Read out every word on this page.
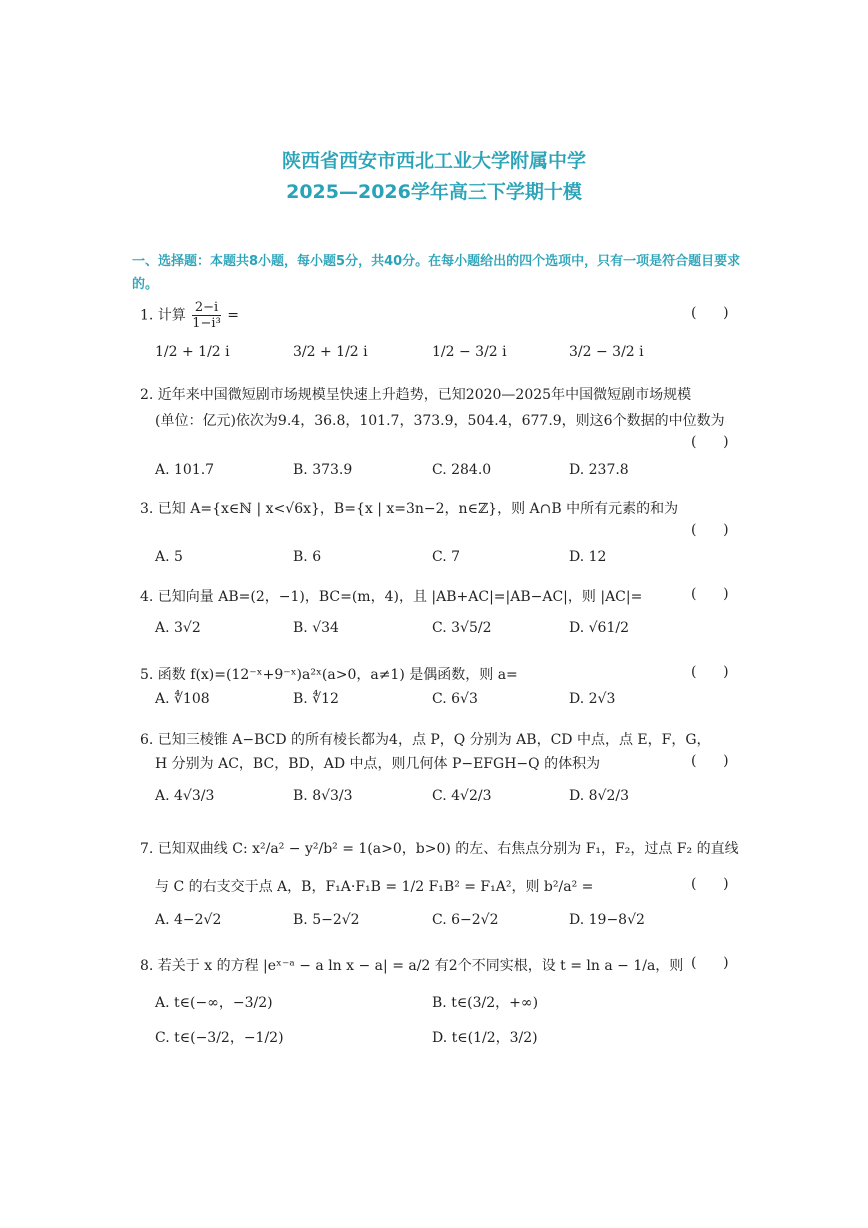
陕西省西安市西北工业大学附属中学
2025—2026学年高三下学期十模
一、选择题：本题共8小题，每小题5分，共40分。在每小题给出的四个选项中，只有一项是符合题目要求的。
1. 计算 $\frac{2-i}{\text{1−i³}}$ =	(      )
1/2 + 1/2 i	3/2 + 1/2 i	1/2 − 3/2 i	3/2 − 3/2 i
2. 近年来中国微短剧市场规模呈快速上升趋势，已知2020—2025年中国微短剧市场规模
(单位：亿元)依次为9.4，36.8，101.7，373.9，504.4，677.9，则这6个数据的中位数为
(      )
A. 101.7	B. 373.9	C. 284.0	D. 237.8
3. 已知 A={x∈ℕ | x<√6x}，B={x | x=3n−2，n∈ℤ}，则 A∩B 中所有元素的和为
(      )
A. 5	B. 6	C. 7	D. 12
4. 已知向量 AB=(2，−1)，BC=(m，4)，且 |AB+AC|=|AB−AC|，则 |AC|=	(      )
A. 3√2	B. √34	C. 3√5/2	D. √61/2
5. 函数 f(x)=(12⁻ˣ+9⁻ˣ)a²ˣ(a>0，a≠1) 是偶函数，则 a=	(      )
A. ∜108	B. ∜12	C. 6√3	D. 2√3
6. 已知三棱锥 A−BCD 的所有棱长都为4，点 P，Q 分别为 AB，CD 中点，点 E，F，G，
H 分别为 AC，BC，BD，AD 中点，则几何体 P−EFGH−Q 的体积为	(      )
A. 4√3/3	B. 8√3/3	C. 4√2/3	D. 8√2/3
7. 已知双曲线 C: x²/a² − y²/b² = 1(a>0，b>0) 的左、右焦点分别为 F₁，F₂，过点 F₂ 的直线
与 C 的右支交于点 A，B，F₁A·F₁B = 1/2 F₁B² = F₁A²，则 b²/a² =	(      )
A. 4−2√2	B. 5−2√2	C. 6−2√2	D. 19−8√2
8. 若关于 x 的方程 |eˣ⁻ᵃ − a ln x − a| = a/2 有2个不同实根，设 t = ln a − 1/a，则 (      )
A. t∈(−∞，−3/2)	B. t∈(3/2，+∞)
C. t∈(−3/2，−1/2)	D. t∈(1/2，3/2)
